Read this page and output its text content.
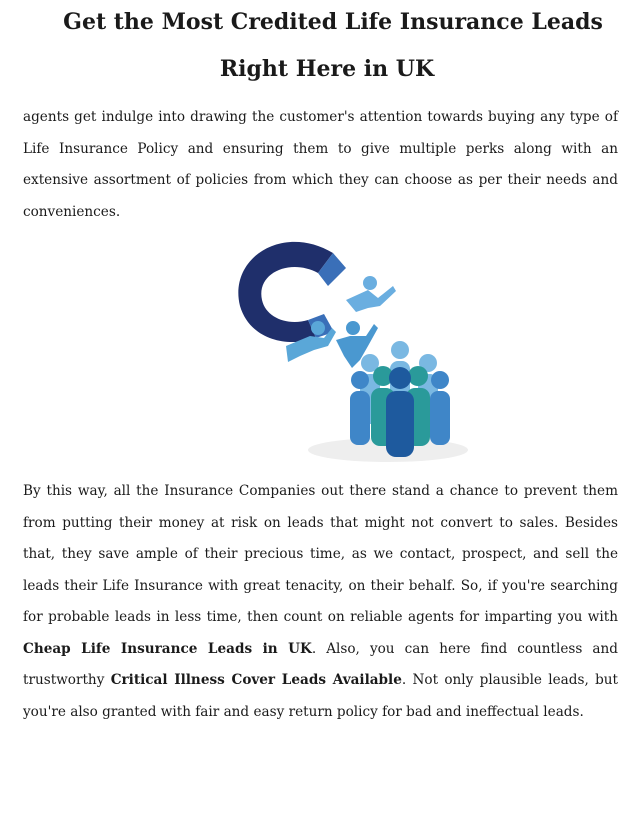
Get the Most Credited Life Insurance Leads
Right Here in UK

agents get indulge into drawing the customer's attention towards buying any type of Life Insurance Policy and ensuring them to give multiple perks along with an extensive assortment of policies from which they can choose as per their needs and conveniences.

By this way, all the Insurance Companies out there stand a chance to prevent them from putting their money at risk on leads that might not convert to sales. Besides that, they save ample of their precious time, as we contact, prospect, and sell the leads their Life Insurance with great tenacity, on their behalf. So, if you're searching for probable leads in less time, then count on reliable agents for imparting you with Cheap Life Insurance Leads in UK. Also, you can here find countless and trustworthy Critical Illness Cover Leads Available. Not only plausible leads, but you're also granted with fair and easy return policy for bad and ineffectual leads.
